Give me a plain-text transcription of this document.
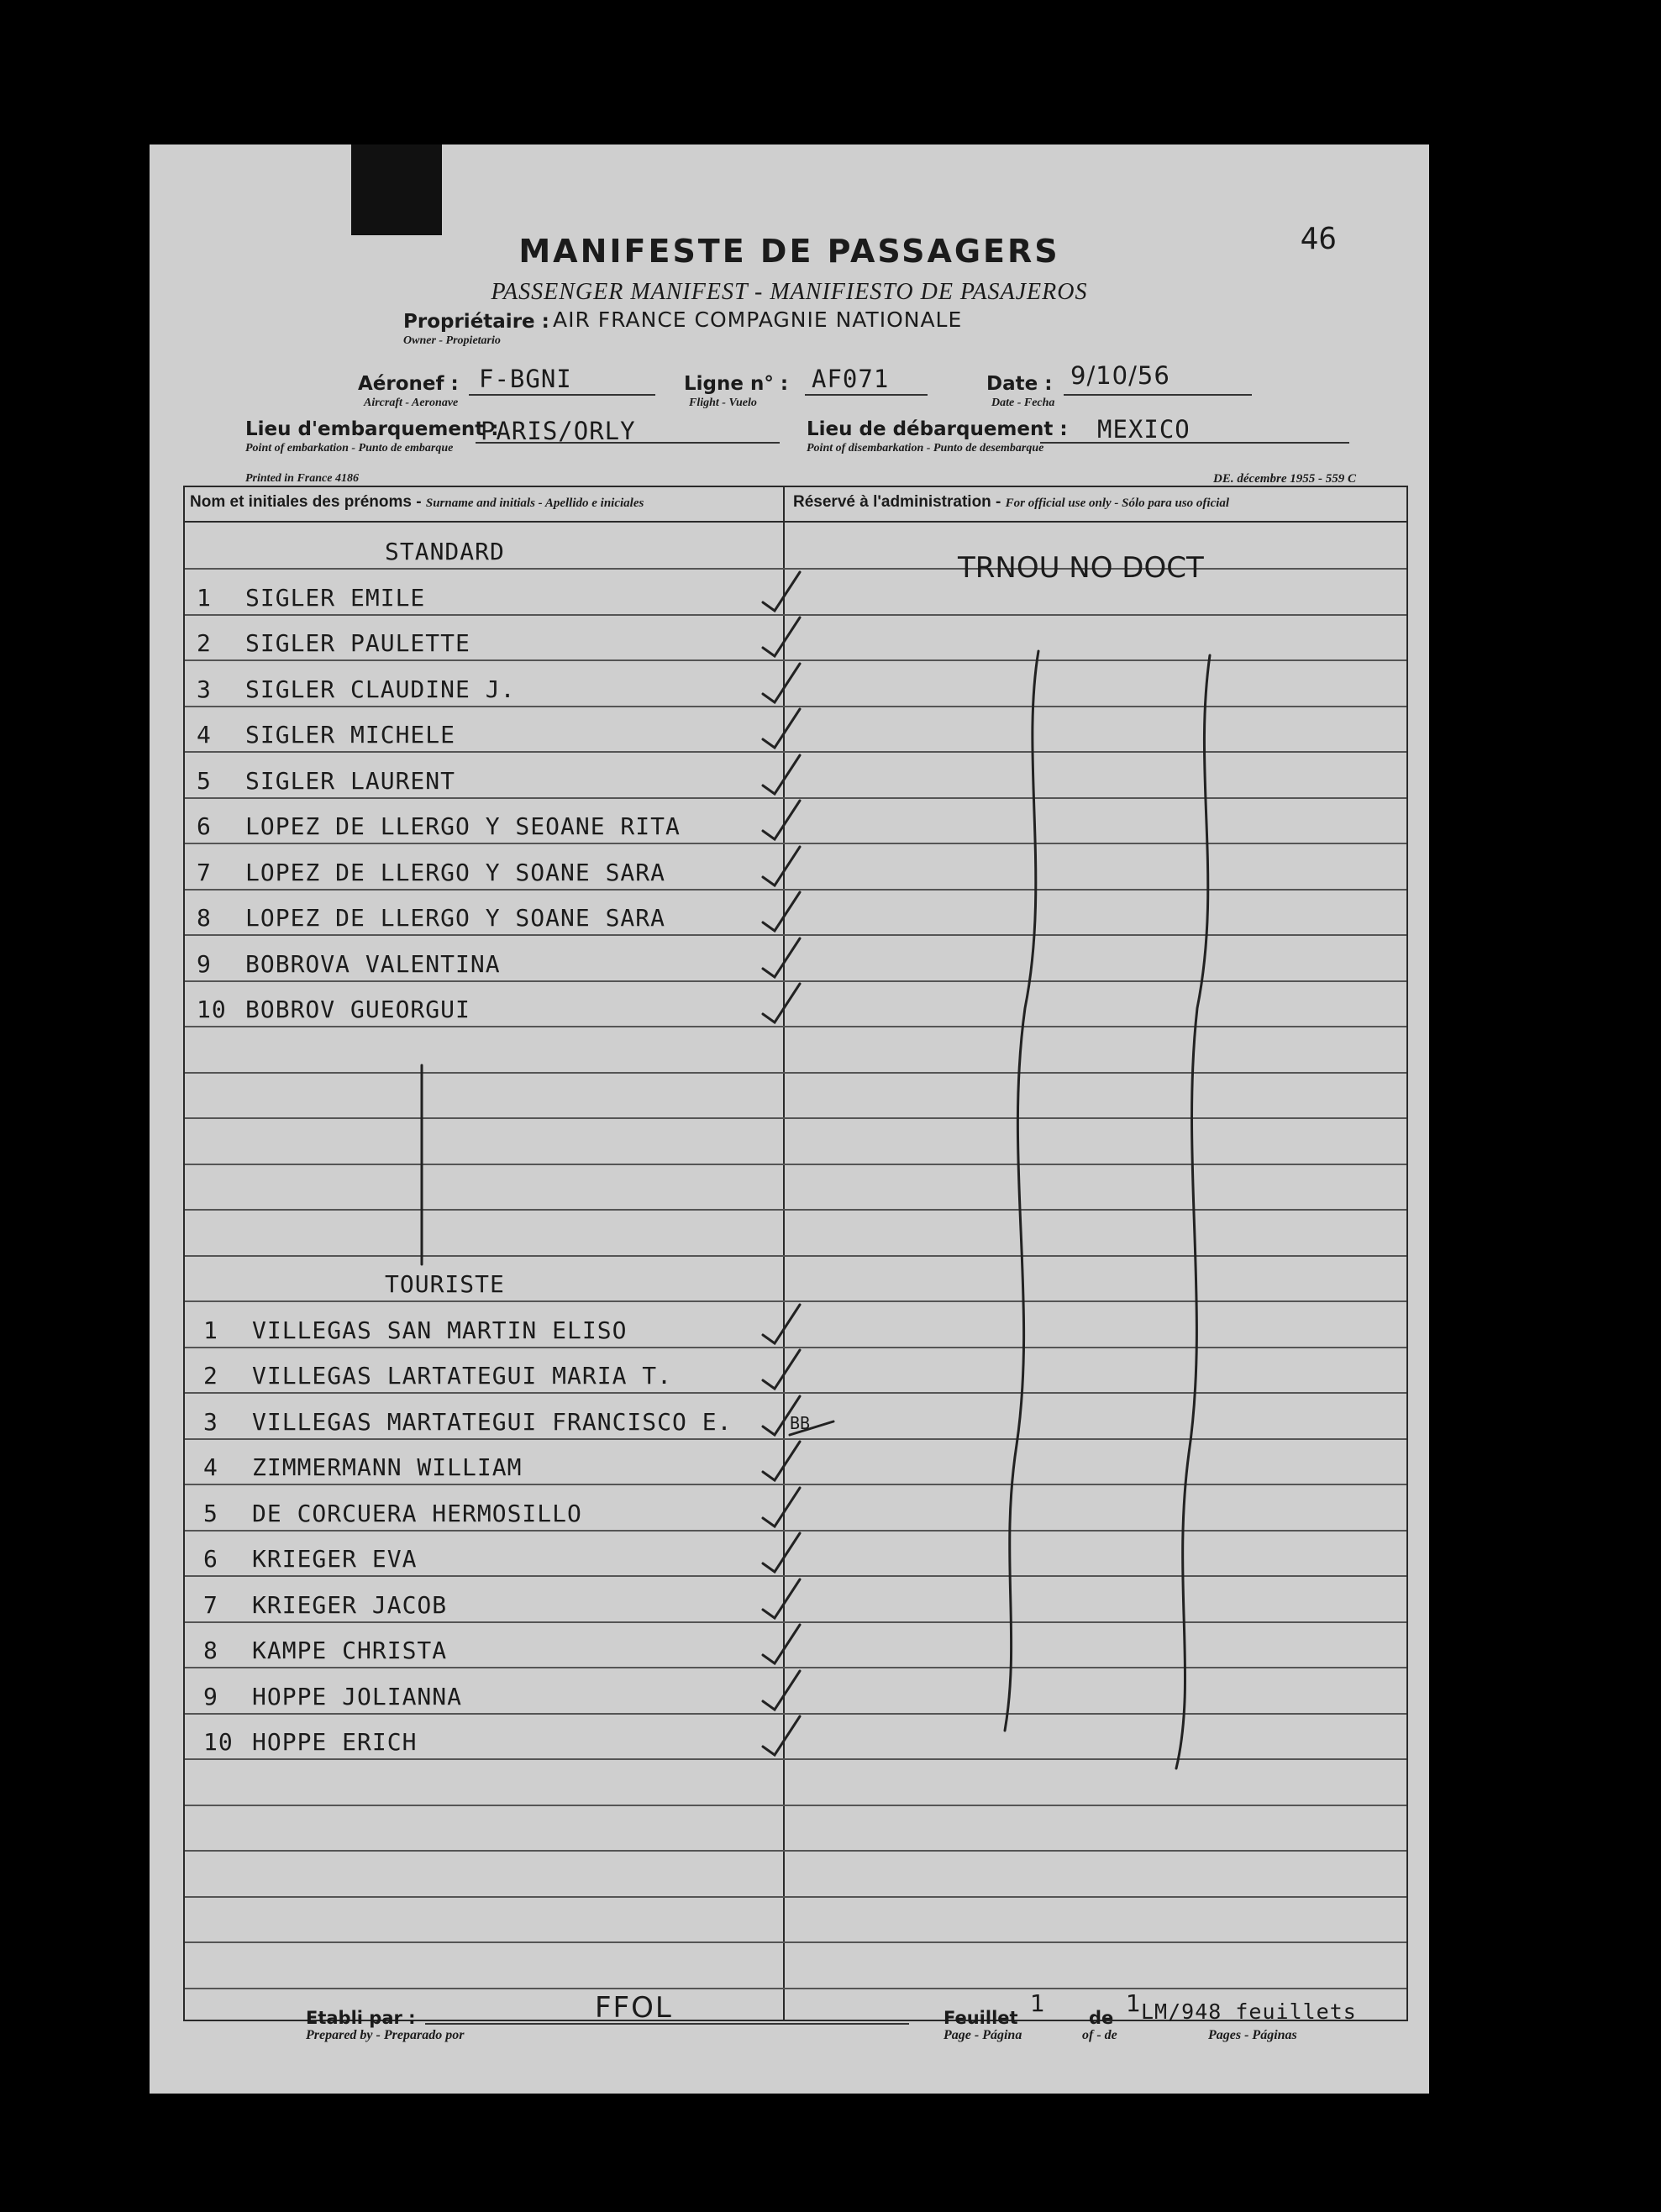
46
MANIFESTE DE PASSAGERS
PASSENGER MANIFEST - MANIFIESTO DE PASAJEROS
Propriétaire :
Owner - Propietario
AIR FRANCE COMPAGNIE NATIONALE
Aéronef :
Aircraft - Aeronave
F-BGNI	Ligne n° :
Flight - Vuelo
AF071	Date :
Date - Fecha
9/10/56
Lieu d'embarquement :
Point of embarkation - Punto de embarque
PARIS/ORLY	Lieu de débarquement :
Point of disembarkation - Punto de desembarque
MEXICO
Printed in France 4186	DE. décembre 1955 - 559 C
Nom et initiales des prénoms - Surname and initials - Apellido e iniciales	Réservé à l'administration - For official use only - Sólo para uso oficial
STANDARD
1 SIGLER EMILE
2 SIGLER PAULETTE
3 SIGLER CLAUDINE J.
4 SIGLER MICHELE
5 SIGLER LAURENT
6 LOPEZ DE LLERGO Y SEOANE RITA
7 LOPEZ DE LLERGO Y SOANE SARA
8 LOPEZ DE LLERGO Y SOANE SARA
9 BOBROVA VALENTINA
10 BOBROV GUEORGUI
TOURISTE
1 VILLEGAS SAN MARTIN ELISO
2 VILLEGAS LARTATEGUI MARIA T.
3 VILLEGAS MARTATEGUI FRANCISCO E.	BB
4 ZIMMERMANN WILLIAM
5 DE CORCUERA HERMOSILLO
6 KRIEGER EVA
7 KRIEGER JACOB
8 KAMPE CHRISTA
9 HOPPE JOLIANNA
10 HOPPE ERICH
TRNOU NO DOCT
Etabli par :
Prepared by - Preparado por
FFOL	Feuillet
Page - Página
1
de
of - de
1
LM/948 feuillets
Pages - Páginas
